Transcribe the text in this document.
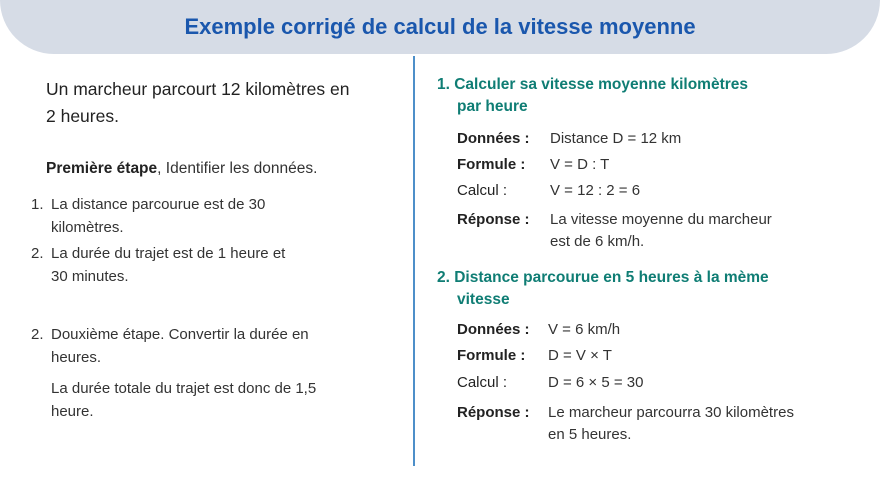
Exemple corrigé de calcul de la vitesse moyenne
Un marcheur parcourt 12 kilomètres en
2 heures.
Première étape, Identifier les données.
1. La distance parcourue est de 30
kilomètres.
2. La durée du trajet est de 1 heure et
30 minutes.
2. Douxième étape. Convertir la durée en
heures.
La durée totale du trajet est donc de 1,5
heure.
1. Calculer sa vitesse moyenne kilomètres
par heure
Données : Distance D = 12 km
Formule : V = D : T
Calcul :	V = 12 : 2 = 6
Réponse : La vitesse moyenne du marcheur
est de 6 km/h.
2. Distance parcourue en 5 heures à la mème
vitesse
Données : V = 6 km/h
Formule : D = V × T
Calcul :	D = 6 × 5 = 30
Réponse : Le marcheur parcourra 30 kilomètres
en 5 heures.
